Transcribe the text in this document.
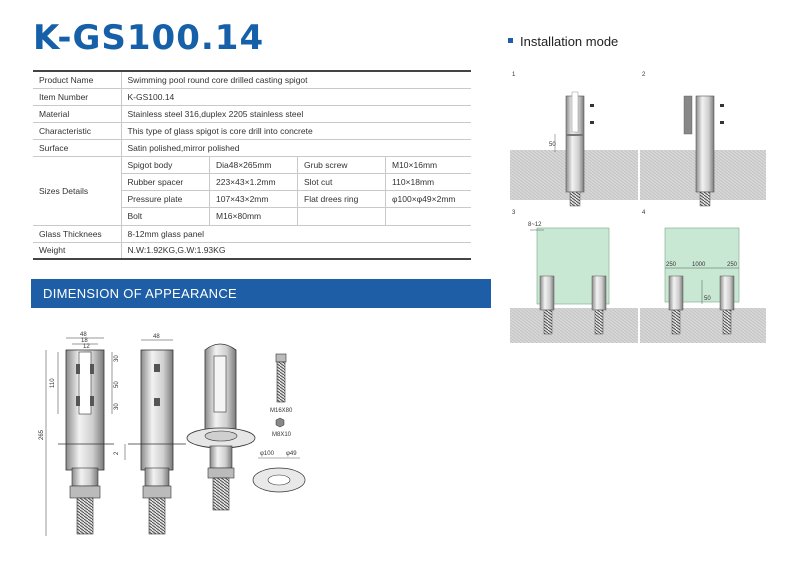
K-GS100.14
Product Name	Swimming pool round core drilled casting spigot
Item Number	K-GS100.14
Material	Stainless steel 316,duplex 2205 stainless steel
Characteristic	This type of glass spigot is core drill into concrete
Surface	Satin polished,mirror polished
Sizes Details	
Spigot body	Dia48×265mm	Grub screw	M10×16mm
Rubber spacer	223×43×1.2mm	Slot cut	110×18mm
Pressure plate	107×43×2mm	Flat drees ring	φ100×φ49×2mm
Bolt	M16×80mm		

Glass Thicknees	8-12mm glass panel
Weight	N.W:1.92KG,G.W:1.93KG
DIMENSION OF APPEARANCE
Installation mode
48
18
12
110
265
30
50
30
48
2
M16X80
M8X10
φ100 φ49
1
50
2
3
8~12
4
250	1000	250
50
